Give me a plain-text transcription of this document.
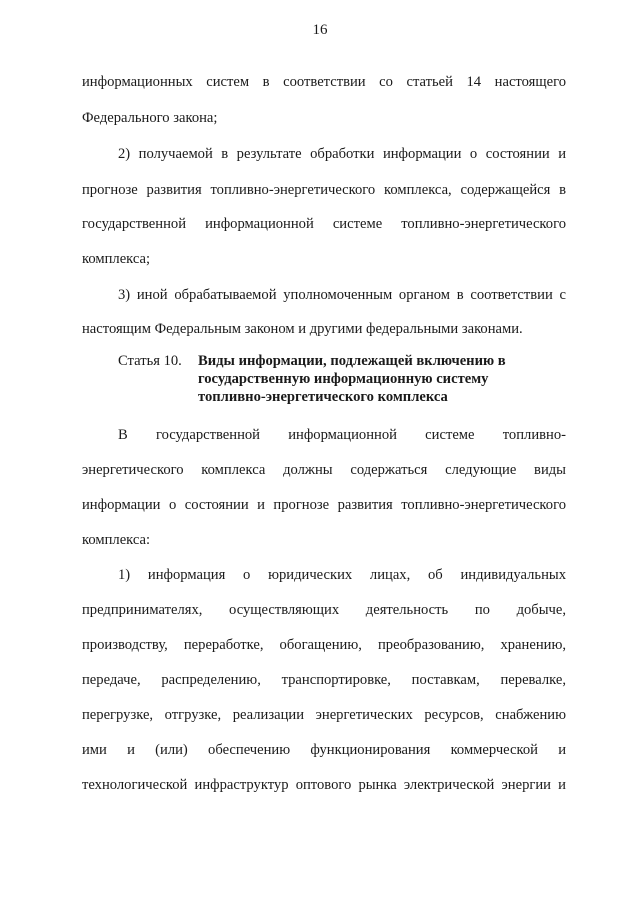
16
информационных систем в соответствии со статьей 14 настоящего
Федерального закона;
2) получаемой в результате обработки информации о состоянии и
прогнозе развития топливно-энергетического комплекса, содержащейся в
государственной информационной системе топливно-энергетического
комплекса;
3) иной обрабатываемой уполномоченным органом в соответствии с
настоящим Федеральным законом и другими федеральными законами.
Статья 10. Виды информации, подлежащей включению в
государственную информационную систему
топливно-энергетического комплекса
В государственной информационной системе топливно-
энергетического комплекса должны содержаться следующие виды
информации о состоянии и прогнозе развития топливно-энергетического
комплекса:
1) информация о юридических лицах, об индивидуальных
предпринимателях, осуществляющих деятельность по добыче,
производству, переработке, обогащению, преобразованию, хранению,
передаче, распределению, транспортировке, поставкам, перевалке,
перегрузке, отгрузке, реализации энергетических ресурсов, снабжению
ими и (или) обеспечению функционирования коммерческой и
технологической инфраструктур оптового рынка электрической энергии и
